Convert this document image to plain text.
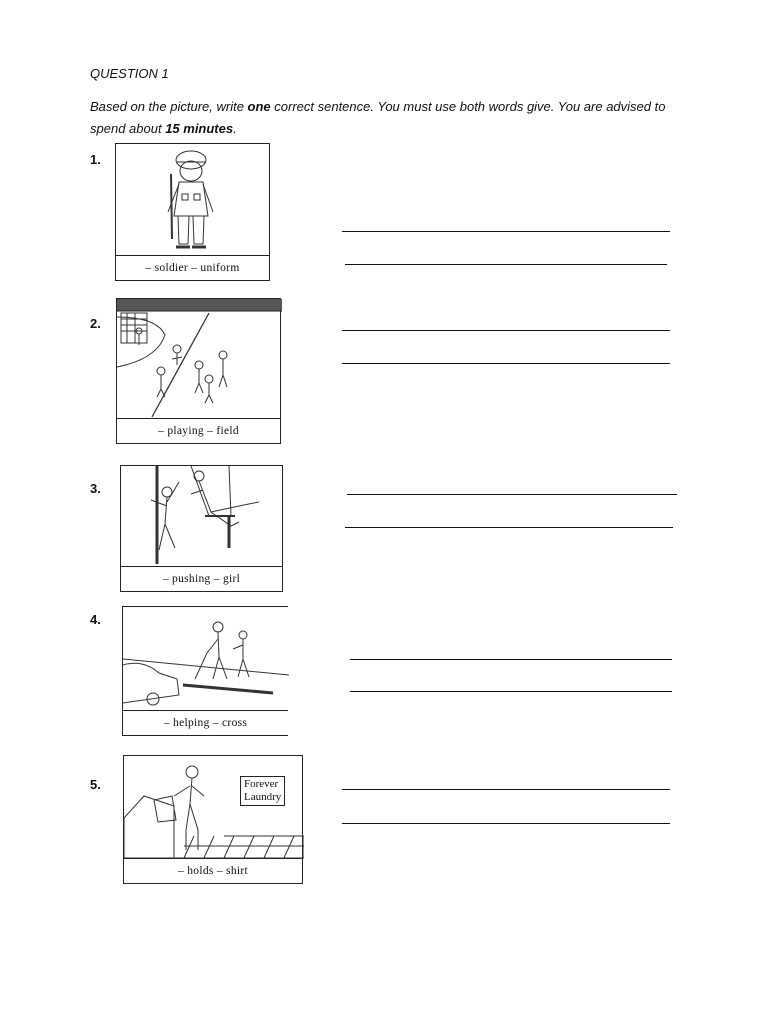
QUESTION 1
Based on the picture, write one correct sentence. You must use both words give. You are advised to spend about 15 minutes.
1.
– soldier – uniform
2.
– playing – field
3.
– pushing – girl
4.
– helping – cross
5.	Forever
Laundry
– holds – shirt
